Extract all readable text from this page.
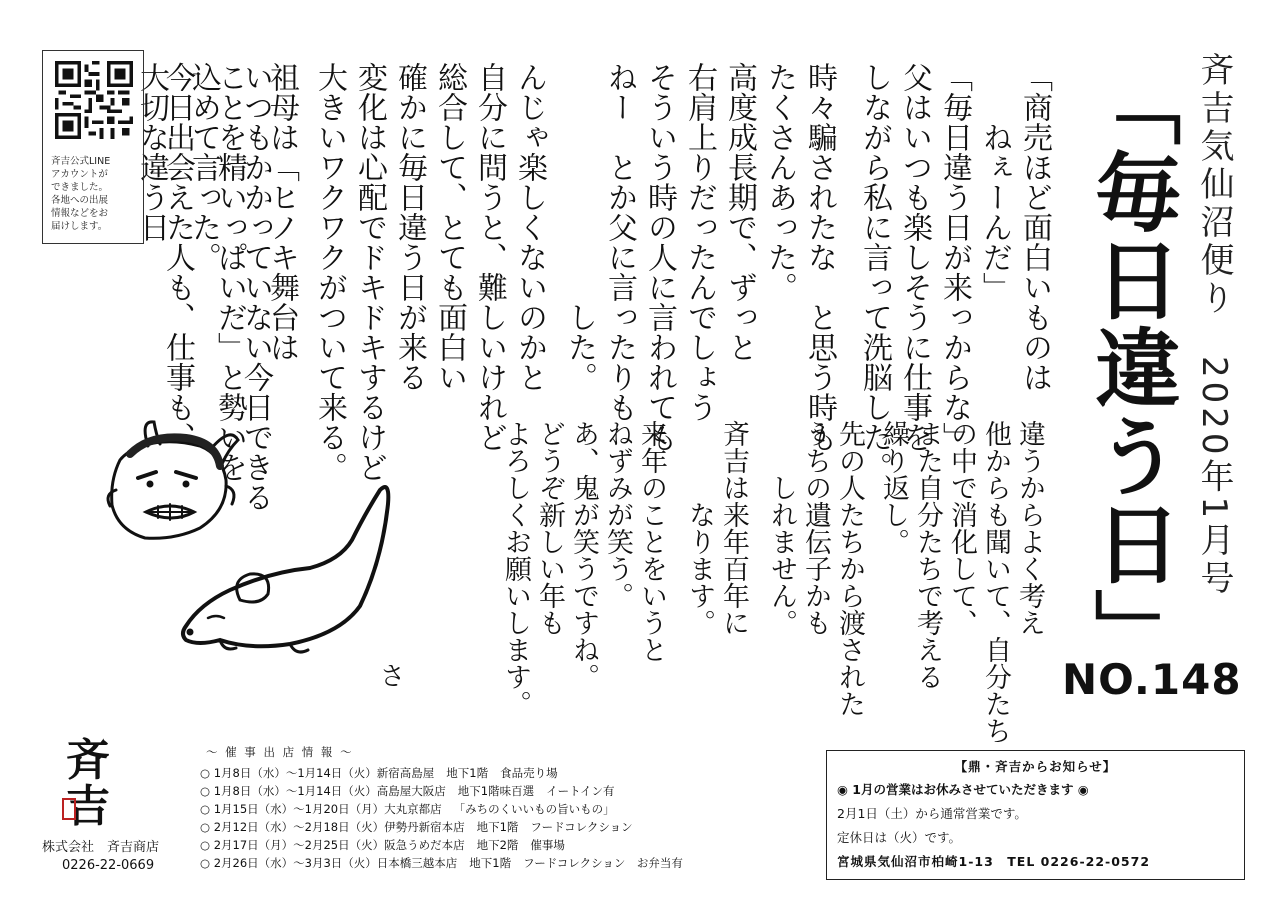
斉吉気仙沼便り　2020年1月号
「毎日違う日」
NO.148
「商売ほど面白いものは
　　ねぇーんだ」
「毎日違う日が来っからな」
父はいつも楽しそうに仕事を
しながら私に言って洗脳した。
時々騙されたな　と思う時も
たくさんあった。
高度成長期で、ずっと
右肩上りだったんでしょう
そういう時の人に言われても
ねー　とか父に言ったりも
　　　　　　　　した。
んじゃ楽しくないのかと
自分に問うと、難しいけれど
総合して、とても面白い
確かに毎日違う日が来る
変化は心配でドキドキするけど
大きいワクワクがついて来る。
祖母は「ヒノキ舞台は
いつもかかっていない今日できる
ことを精いっぱいだ」と勢いを
込めて言った。
今日出会えた人も、仕事も、
大切な違う日
違うからよく考え
他からも聞いて、自分たち
の中で消化して、
また自分たちで考える
繰り返し。
先の人たちから渡された
うちの遺伝子かも
　　しれません。
斉吉は来年百年に
　　　なります。
来年のことをいうと
ねずみが笑う。
あ、鬼が笑うですね。
どうぞ新しい年も
よろしくお願いします。
斉吉公式LINE
アカウントが
できました。
各地への出展
情報などをお
届けします。
さ
斉
吉
株式会社　斉吉商店
0226-22-0669
～ 催 事 出 店 情 報 ～
○ 1月8日（水）～1月14日（火）新宿高島屋 地下1階 食品売り場
○ 1月8日（水）～1月14日（火）高島屋大阪店 地下1階味百選 イートイン有
○ 1月15日（水）～1月20日（月）大丸京都店 「みちのくいいもの旨いもの」
○ 2月12日（水）～2月18日（火）伊勢丹新宿本店 地下1階 フードコレクション
○ 2月17日（月）～2月25日（火）阪急うめだ本店 地下2階 催事場
○ 2月26日（水）～3月3日（火）日本橋三越本店 地下1階 フードコレクション　お弁当有
【鼎・斉吉からお知らせ】
◉ 1月の営業はお休みさせていただきます ◉
2月1日（土）から通常営業です。
定休日は（火）です。
宮城県気仙沼市柏崎1-13　TEL 0226-22-0572
